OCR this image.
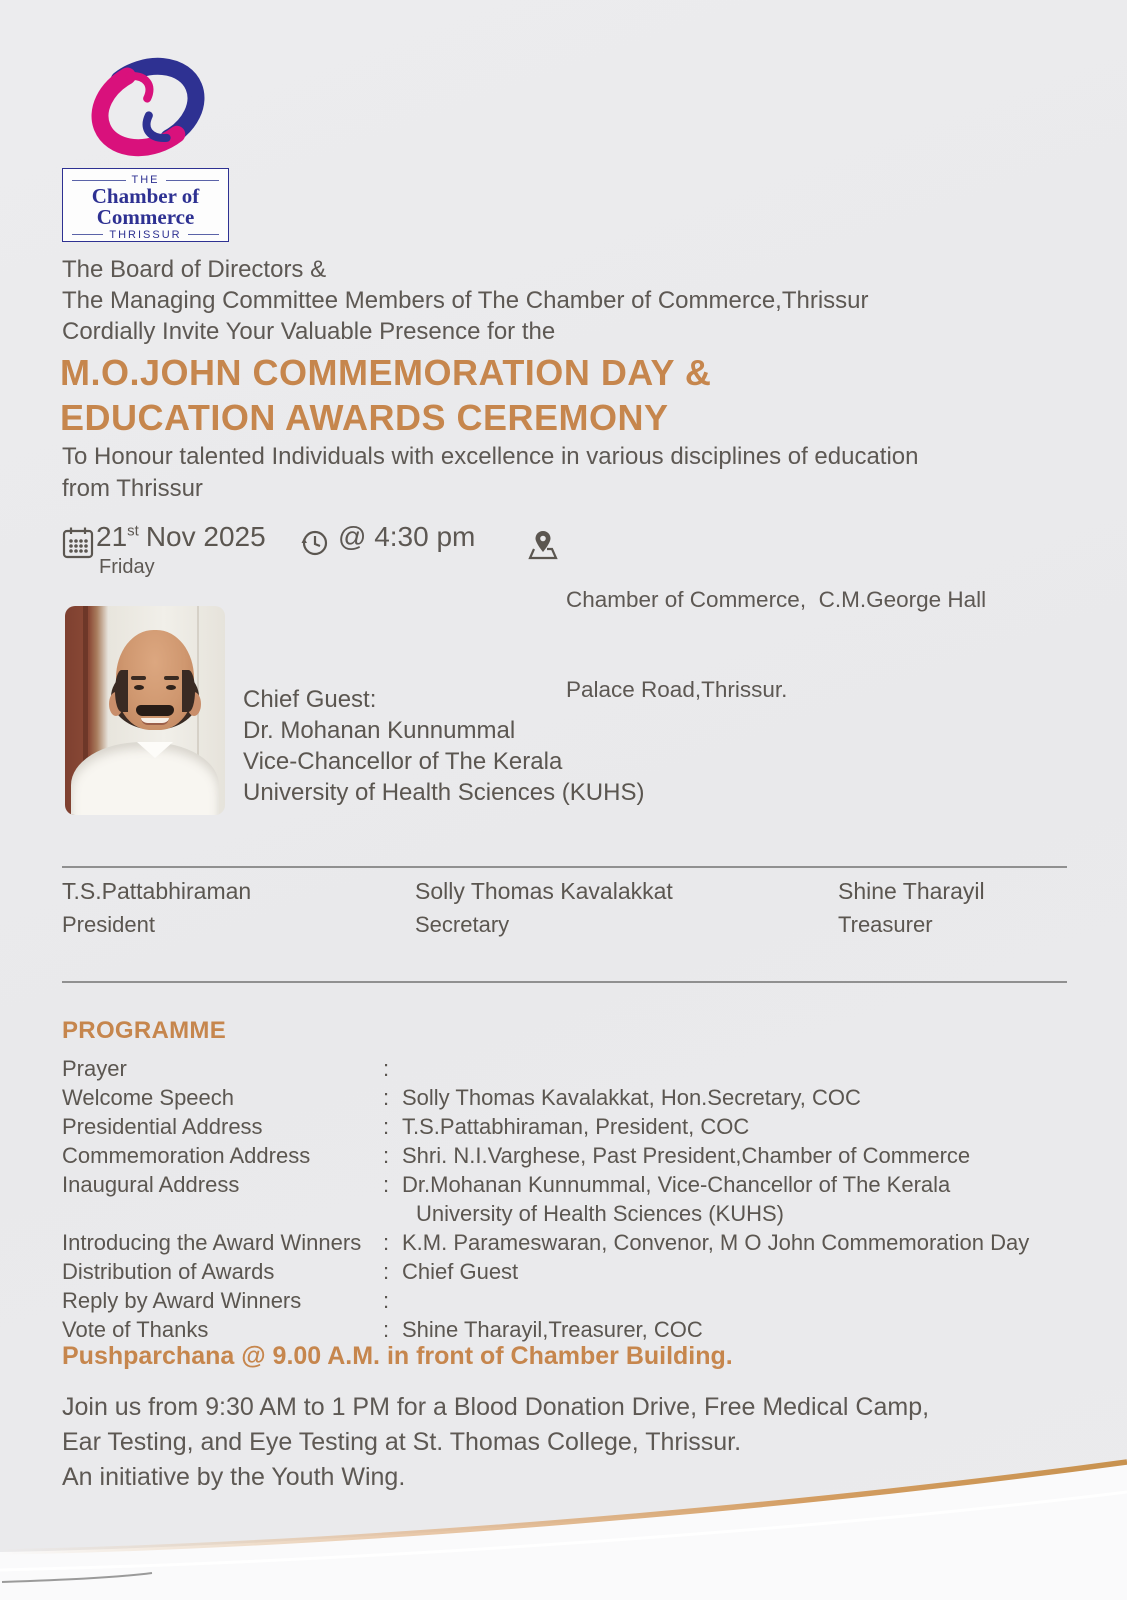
THE
Chamber of
Commerce
THRISSUR
The Board of Directors &
The Managing Committee Members of The Chamber of Commerce,Thrissur
Cordially Invite Your Valuable Presence for the
M.O.JOHN COMMEMORATION DAY &
EDUCATION AWARDS CEREMONY
To Honour talented Individuals with excellence in various disciplines of education
from Thrissur
21st Nov 2025
Friday
@ 4:30 pm

Chamber of Commerce,  C.M.George Hall

Palace Road,Thrissur.

Chief Guest:
Dr. Mohanan Kunnummal
Vice-Chancellor of The Kerala
University of Health Sciences (KUHS)
T.S.Pattabhiraman
President
Solly Thomas Kavalakkat
Secretary
Shine Tharayil
Treasurer
PROGRAMME
Prayer	:
Welcome Speech	: Solly Thomas Kavalakkat, Hon.Secretary, COC
Presidential Address	: T.S.Pattabhiraman, President, COC
Commemoration Address	: Shri. N.I.Varghese, Past President,Chamber of Commerce
Inaugural Address	: Dr.Mohanan Kunnummal, Vice-Chancellor of The Kerala
University of Health Sciences (KUHS)
Introducing the Award Winners : K.M. Parameswaran, Convenor, M O John Commemoration Day
Distribution of Awards	: Chief Guest
Reply by Award Winners	:
Vote of Thanks	: Shine Tharayil,Treasurer, COC
Pushparchana @ 9.00 A.M. in front of Chamber Building.
Join us from 9:30 AM to 1 PM for a Blood Donation Drive, Free Medical Camp,
Ear Testing, and Eye Testing at St. Thomas College, Thrissur.
An initiative by the Youth Wing.
